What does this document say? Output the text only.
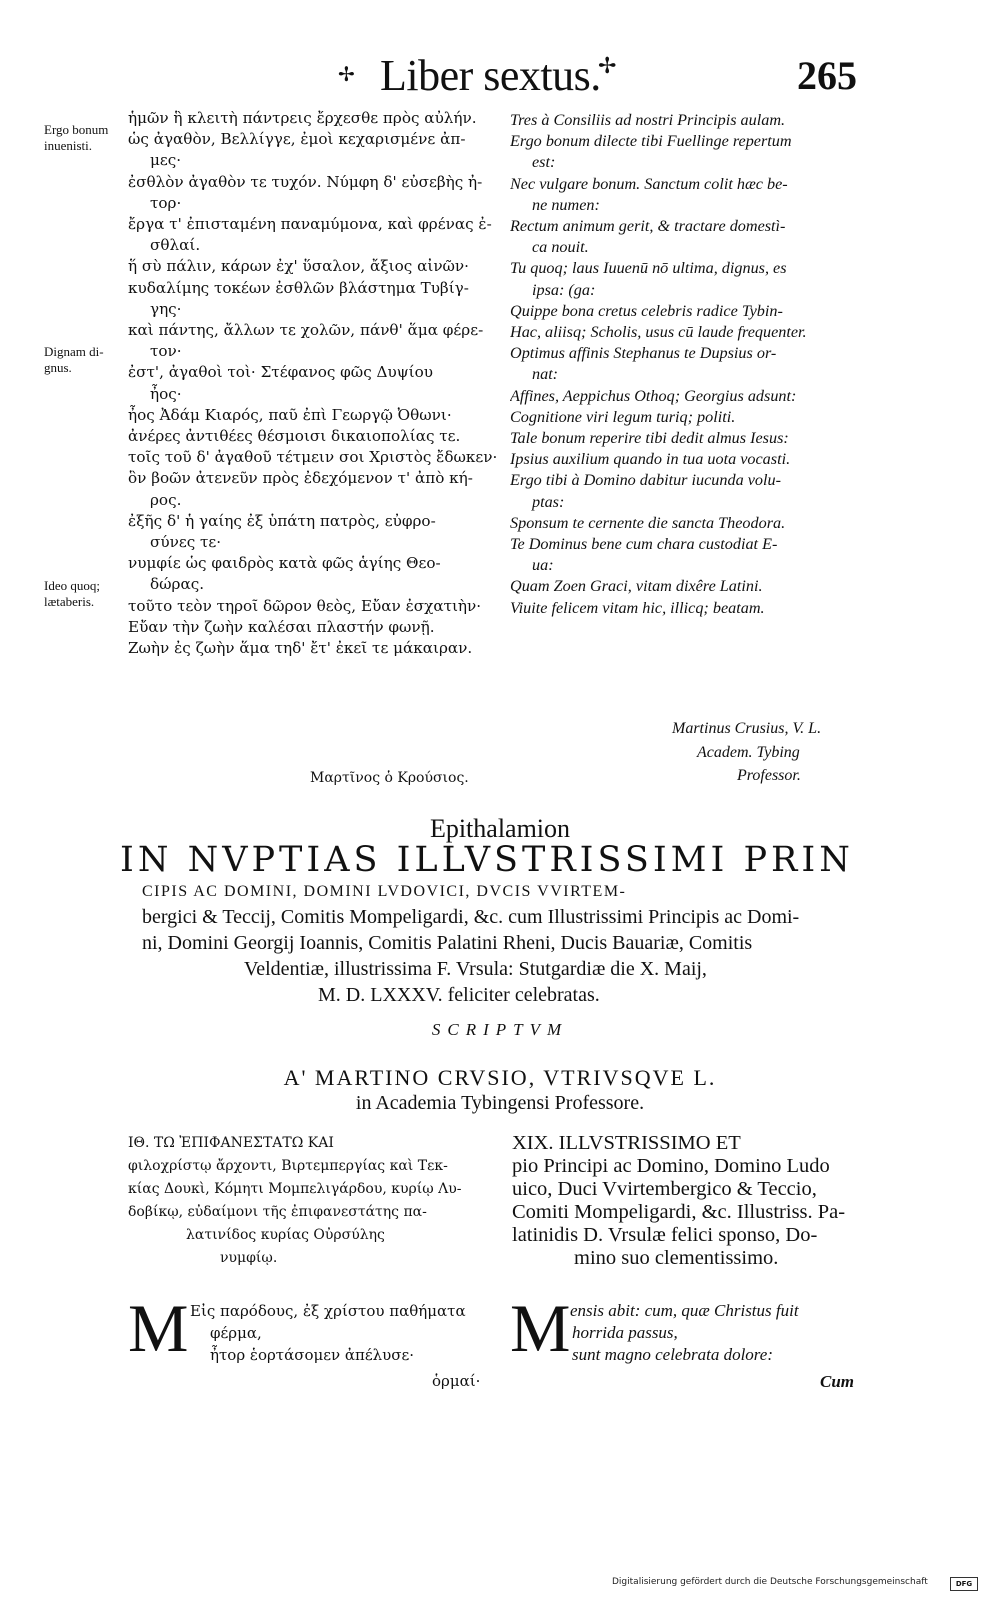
✢ Liber sextus.
✢	265
Ergo bonum
inuenisti.
Dignam di-
gnus.
Ideo quoq;
lætaberis.
ἡμῶν ἣ κλειτὴ πάντρεις ἔρχεσθε πρὸς αὐλήν.
ὡς ἀγαθὸν, Βελλίγγε, ἐμοὶ κεχαρισμένε ἀπ-
μες·
ἐσθλὸν ἀγαθὸν τε τυχόν. Νύμφη δ' εὐσεβὴς ἠ-
τορ·
ἔργα τ' ἐπισταμένη παναμύμονα, καὶ φρένας ἐ-
σθλαί.
ἥ σὺ πάλιν, κάρων ἐχ' ὕσαλον, ἄξιος αἰνῶν·
κυδαλίμης τοκέων ἐσθλῶν βλάστημα Τυβίγ-
γης·
καὶ πάντης, ἄλλων τε χολῶν, πάνθ' ἅμα φέρε-
τον·
ἐστ', ἀγαθοὶ τοὶ· Στέφανος φῶς Δυψίου
ἦος·
ἦος Ἀδάμ Κιαρός, παῦ ἐπὶ Γεωργῷ Ὀθωνι·
ἀνέρες ἀντιθέες θέσμοισι δικαιοπολίας τε.
τοῖς τοῦ δ' ἀγαθοῦ τέτμειν σοι Χριστὸς ἔδωκεν·
ὃν βοῶν ἀτενεῦν πρὸς ἐδεχόμενον τ' ἀπὸ κή-
ρος.
ἐξῆς δ' ἡ γαίης ἐξ ὑπάτη πατρὸς, εὐφρο-
σύνες τε·
νυμφίε ὡς φαιδρὸς κατὰ φῶς ἁγίης Θεο-
δώρας.
τοῦτο τεὸν τηροῖ δῶρον θεὸς, Εὔαν ἐσχατιὴν·
Εὔαν τὴν ζωὴν καλέσαι πλαστήν φωνῇ.
Ζωὴν ἐς ζωὴν ἅμα τηδ' ἔτ' ἐκεῖ τε μάκαιραν.
Μαρτῖνος ὁ Κρούσιος.
Tres à Consiliis ad nostri Principis aulam.
Ergo bonum dilecte tibi Fuellinge repertum
est:
Nec vulgare bonum. Sanctum colit hæc be-
ne numen:
Rectum animum gerit, & tractare domestì-
ca nouit.
Tu quoq; laus Iuuenū nō ultima, dignus, es
ipsa: (ga:
Quippe bona cretus celebris radice Tybin-
Hac, aliisq; Scholis, usus cū laude frequenter.
Optimus affinis Stephanus te Dupsius or-
nat:
Affines, Aeppichus Othoq; Georgius adsunt:
Cognitione viri legum turiq; politi.
Tale bonum reperire tibi dedit almus Iesus:
Ipsius auxilium quando in tua uota vocasti.
Ergo tibi à Domino dabitur iucunda volu-
ptas:
Sponsum te cernente die sancta Theodora.
Te Dominus bene cum chara custodiat E-
ua:
Quam Zoen Graci, vitam dixêre Latini.
Viuite felicem vitam hic, illicq; beatam.
Martinus Crusius, V. L.
Academ. Tybing
Professor.
Epithalamion
IN NVPTIAS ILLVSTRISSIMI PRIN
CIPIS AC DOMINI, DOMINI LVDOVICI, DVCIS VVIRTEM-
bergici & Teccij, Comitis Mompeligardi, &c. cum Illustrissimi Principis ac Domi-
ni, Domini Georgij Ioannis, Comitis Palatini Rheni, Ducis Bauariæ, Comitis
Veldentiæ, illustrissima F. Vrsula: Stutgardiæ die X. Maij,
M. D. LXXXV. feliciter celebratas.
SCRIPTVM
A' MARTINO CRVSIO, VTRIVSQVE L.
in Academia Tybingensi Professore.
ΙΘ. ΤΩ ἘΠΙΦΑΝΕΣΤΑΤΩ ΚΑΙ
φιλοχρίστῳ ἄρχοντι, Βιρτεμπεργίας καὶ Τεκ-
κίας Δουκὶ, Κόμητι Μομπελιγάρδου, κυρίῳ Λυ-
δοβίκῳ, εὐδαίμονι τῆς ἐπιφανεστάτης πα-
λατινίδος κυρίας Οὐρσύλης
νυμφίῳ.
XIX. ILLVSTRISSIMO ET
pio Principi ac Domino, Domino Ludo
uico, Duci Vvirtembergico & Teccio,
Comiti Mompeligardi, &c. Illustriss. Pa-
latinidis D. Vrsulæ felici sponso, Do-
mino suo clementissimo.
M Εἰς παρόδους, ἐξ χρίστου παθήματα
φέρμα,
ἦτορ ἑορτάσομεν ἀπέλυσε·
ὁρμαί·
M ensis abit: cum, quæ Christus fuit
horrida passus,
sunt magno celebrata dolore:
Cum
Digitalisierung gefördert durch die Deutsche Forschungsgemeinschaft	DFG
